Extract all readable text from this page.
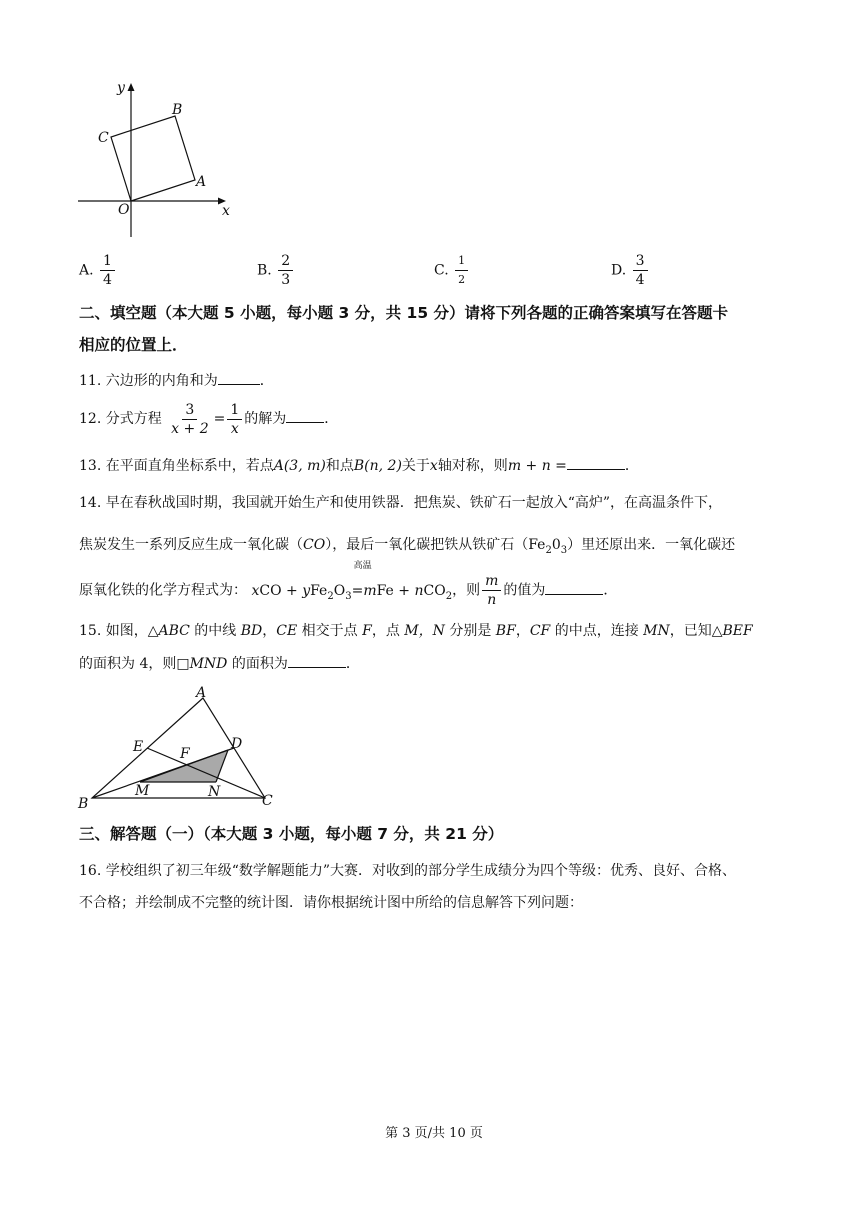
y
x
O
A
B
C
A. $\frac{1}{4}$	B. $\frac{2}{3}$	C. $\frac{1}{2}$	D. $\frac{3}{4}$
二、填空题（本大题 5 小题，每小题 3 分，共 15 分）请将下列各题的正确答案填写在答题卡
相应的位置上．
11. 六边形的内角和为	．
12. 分式方程 $\frac{3}{x + 2} = \frac{1}{x}$ 的解为	．
13. 在平面直角坐标系中，若点A(3, m)和点B(n, 2)关于x轴对称，则m + n =	．
14. 早在春秋战国时期，我国就开始生产和使用铁器．把焦炭、铁矿石一起放入“高炉”，在高温条件下，
焦炭发生一系列反应生成一氧化碳（CO），最后一氧化碳把铁从铁矿石$(Fe_20_3)$里还原出来．一氧化碳还
原氧化铁的化学方程式为： xCO + $yFe_2O_3$
高温
=mFe + nCO$_2$，则 $\frac{m}{n}$ 的值为	．
15. 如图，△ABC 的中线 BD，CE 相交于点 F，点 M，N 分别是 BF，CF 的中点，连接 MN，已知△BEF
的面积为 4，则□MND 的面积为	．
A
B	C
D
E	F
M	N
三、解答题（一）（本大题 3 小题，每小题 7 分，共 21 分）
16. 学校组织了初三年级“数学解题能力”大赛．对收到的部分学生成绩分为四个等级：优秀、良好、合格、
不合格；并绘制成不完整的统计图．请你根据统计图中所给的信息解答下列问题：
第 3 页/共 10 页
